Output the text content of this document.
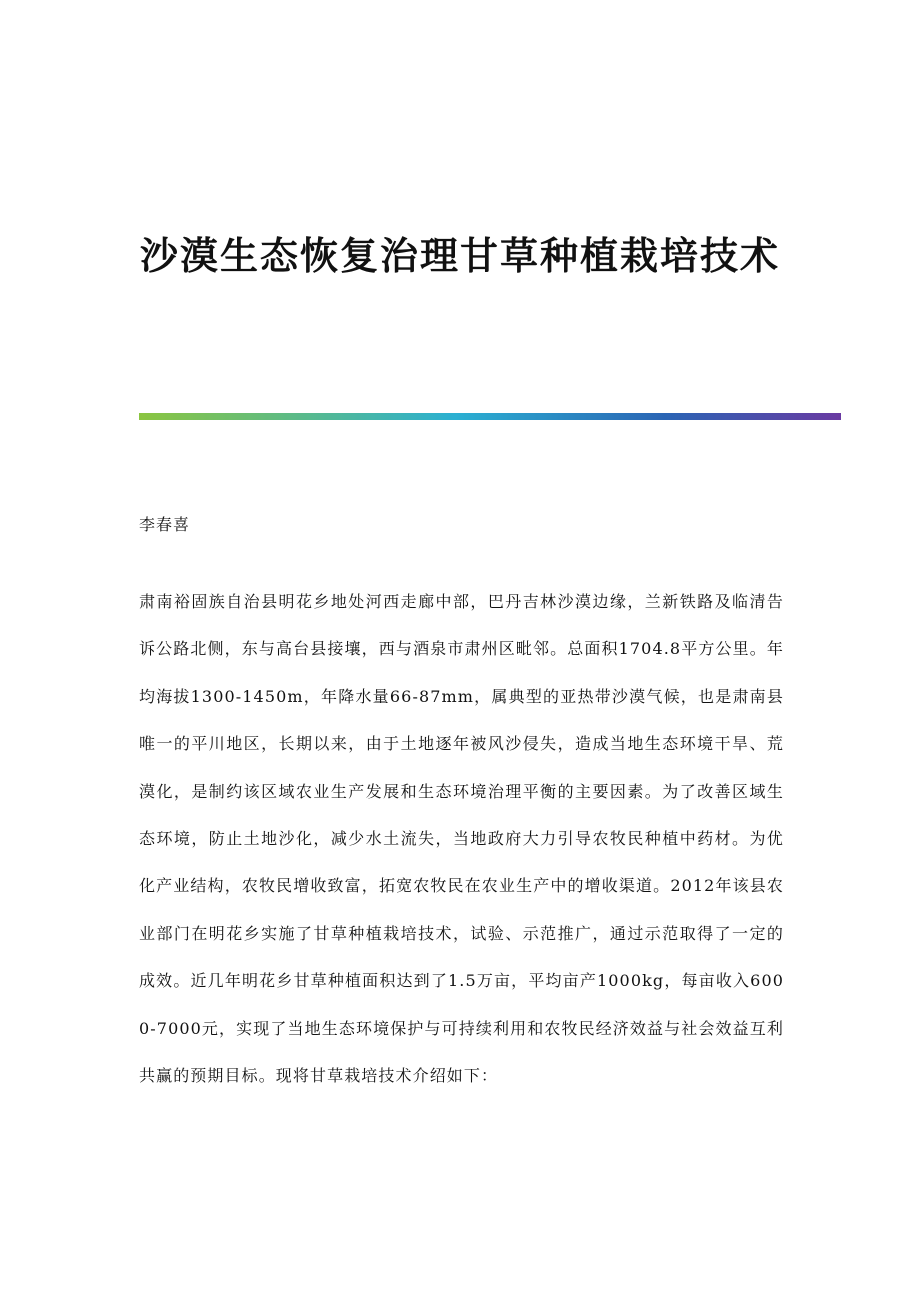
沙漠生态恢复治理甘草种植栽培技术

李春喜

肃南裕固族自治县明花乡地处河西走廊中部，巴丹吉林沙漠边缘，兰新铁路及临清告诉公路北侧，东与高台县接壤，西与酒泉市肃州区毗邻。总面积1704.8平方公里。年均海拔1300-1450m，年降水量66-87mm，属典型的亚热带沙漠气候，也是肃南县唯一的平川地区，长期以来，由于土地逐年被风沙侵失，造成当地生态环境干旱、荒漠化，是制约该区域农业生产发展和生态环境治理平衡的主要因素。为了改善区域生态环境，防止土地沙化，减少水土流失，当地政府大力引导农牧民种植中药材。为优化产业结构，农牧民增收致富，拓宽农牧民在农业生产中的增收渠道。2012年该县农业部门在明花乡实施了甘草种植栽培技术，试验、示范推广，通过示范取得了一定的成效。近几年明花乡甘草种植面积达到了1.5万亩，平均亩产1000kg，每亩收入6000-7000元，实现了当地生态环境保护与可持续利用和农牧民经济效益与社会效益互利共赢的预期目标。现将甘草栽培技术介绍如下：
